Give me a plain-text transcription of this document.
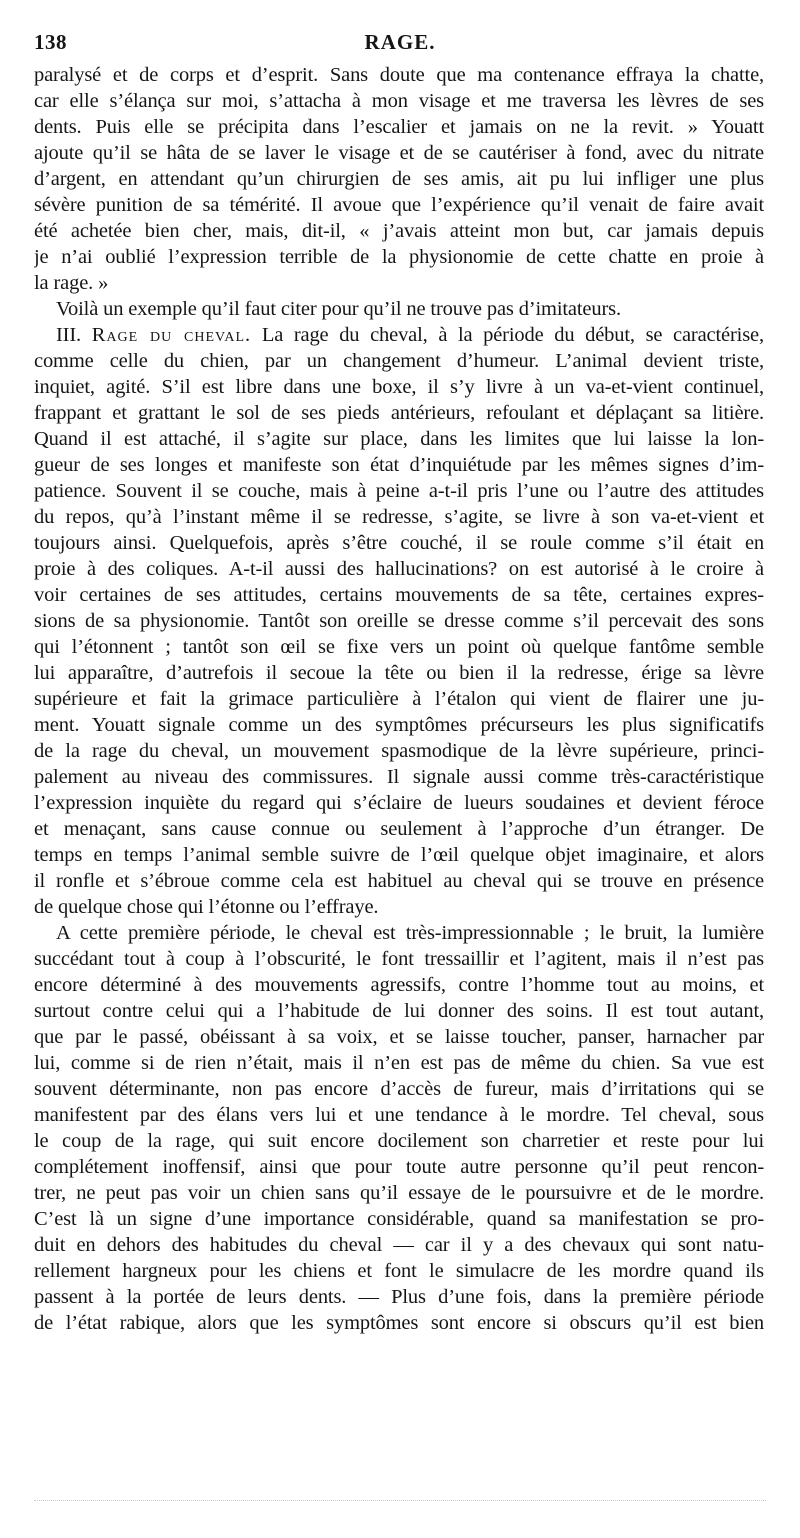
138	RAGE.
paralysé et de corps et d’esprit. Sans doute que ma contenance effraya la chatte,
car elle s’élança sur moi, s’attacha à mon visage et me traversa les lèvres de ses
dents. Puis elle se précipita dans l’escalier et jamais on ne la revit. » Youatt
ajoute qu’il se hâta de se laver le visage et de se cautériser à fond, avec du nitrate
d’argent, en attendant qu’un chirurgien de ses amis, ait pu lui infliger une plus
sévère punition de sa témérité. Il avoue que l’expérience qu’il venait de faire avait
été achetée bien cher, mais, dit-il, « j’avais atteint mon but, car jamais depuis
je n’ai oublié l’expression terrible de la physionomie de cette chatte en proie à
la rage. »
Voilà un exemple qu’il faut citer pour qu’il ne trouve pas d’imitateurs.
III. Rage du cheval. La rage du cheval, à la période du début, se caractérise,
comme celle du chien, par un changement d’humeur. L’animal devient triste,
inquiet, agité. S’il est libre dans une boxe, il s’y livre à un va-et-vient continuel,
frappant et grattant le sol de ses pieds antérieurs, refoulant et déplaçant sa litière.
Quand il est attaché, il s’agite sur place, dans les limites que lui laisse la lon-
gueur de ses longes et manifeste son état d’inquiétude par les mêmes signes d’im-
patience. Souvent il se couche, mais à peine a-t-il pris l’une ou l’autre des attitudes
du repos, qu’à l’instant même il se redresse, s’agite, se livre à son va-et-vient et
toujours ainsi. Quelquefois, après s’être couché, il se roule comme s’il était en
proie à des coliques. A-t-il aussi des hallucinations? on est autorisé à le croire à
voir certaines de ses attitudes, certains mouvements de sa tête, certaines expres-
sions de sa physionomie. Tantôt son oreille se dresse comme s’il percevait des sons
qui l’étonnent ; tantôt son œil se fixe vers un point où quelque fantôme semble
lui apparaître, d’autrefois il secoue la tête ou bien il la redresse, érige sa lèvre
supérieure et fait la grimace particulière à l’étalon qui vient de flairer une ju-
ment. Youatt signale comme un des symptômes précurseurs les plus significatifs
de la rage du cheval, un mouvement spasmodique de la lèvre supérieure, princi-
palement au niveau des commissures. Il signale aussi comme très-caractéristique
l’expression inquiète du regard qui s’éclaire de lueurs soudaines et devient féroce
et menaçant, sans cause connue ou seulement à l’approche d’un étranger. De
temps en temps l’animal semble suivre de l’œil quelque objet imaginaire, et alors
il ronfle et s’ébroue comme cela est habituel au cheval qui se trouve en présence
de quelque chose qui l’étonne ou l’effraye.
A cette première période, le cheval est très-impressionnable ; le bruit, la lumière
succédant tout à coup à l’obscurité, le font tressaillir et l’agitent, mais il n’est pas
encore déterminé à des mouvements agressifs, contre l’homme tout au moins, et
surtout contre celui qui a l’habitude de lui donner des soins. Il est tout autant,
que par le passé, obéissant à sa voix, et se laisse toucher, panser, harnacher par
lui, comme si de rien n’était, mais il n’en est pas de même du chien. Sa vue est
souvent déterminante, non pas encore d’accès de fureur, mais d’irritations qui se
manifestent par des élans vers lui et une tendance à le mordre. Tel cheval, sous
le coup de la rage, qui suit encore docilement son charretier et reste pour lui
complétement inoffensif, ainsi que pour toute autre personne qu’il peut rencon-
trer, ne peut pas voir un chien sans qu’il essaye de le poursuivre et de le mordre.
C’est là un signe d’une importance considérable, quand sa manifestation se pro-
duit en dehors des habitudes du cheval — car il y a des chevaux qui sont natu-
rellement hargneux pour les chiens et font le simulacre de les mordre quand ils
passent à la portée de leurs dents. — Plus d’une fois, dans la première période
de l’état rabique, alors que les symptômes sont encore si obscurs qu’il est bien
